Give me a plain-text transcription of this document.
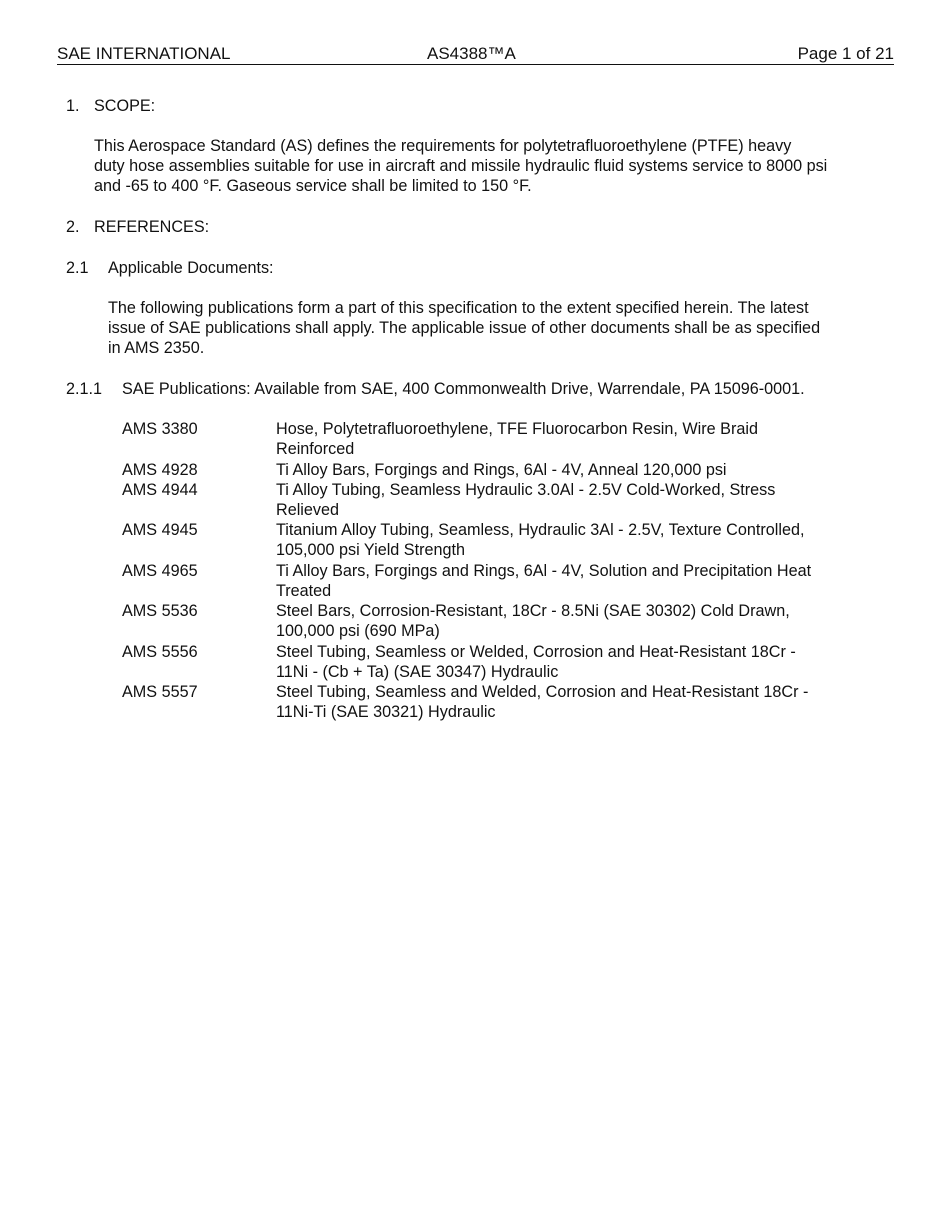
SAE INTERNATIONAL	AS4388™A	Page 1 of 21
1. SCOPE:
This Aerospace Standard (AS) defines the requirements for polytetrafluoroethylene (PTFE) heavy
duty hose assemblies suitable for use in aircraft and missile hydraulic fluid systems service to 8000 psi
and -65 to 400 °F. Gaseous service shall be limited to 150 °F.
2. REFERENCES:
2.1 Applicable Documents:
The following publications form a part of this specification to the extent specified herein. The latest
issue of SAE publications shall apply. The applicable issue of other documents shall be as specified
in AMS 2350.
2.1.1 SAE Publications: Available from SAE, 400 Commonwealth Drive, Warrendale, PA 15096-0001.
AMS 3380	Hose, Polytetrafluoroethylene, TFE Fluorocarbon Resin, Wire Braid
Reinforced
AMS 4928	Ti Alloy Bars, Forgings and Rings, 6Al - 4V, Anneal 120,000 psi
AMS 4944	Ti Alloy Tubing, Seamless Hydraulic 3.0Al - 2.5V Cold-Worked, Stress
Relieved
AMS 4945	Titanium Alloy Tubing, Seamless, Hydraulic 3Al - 2.5V, Texture Controlled,
105,000 psi Yield Strength
AMS 4965	Ti Alloy Bars, Forgings and Rings, 6Al - 4V, Solution and Precipitation Heat
Treated
AMS 5536	Steel Bars, Corrosion-Resistant, 18Cr - 8.5Ni (SAE 30302) Cold Drawn,
100,000 psi (690 MPa)
AMS 5556	Steel Tubing, Seamless or Welded, Corrosion and Heat-Resistant 18Cr -
11Ni - (Cb + Ta) (SAE 30347) Hydraulic
AMS 5557	Steel Tubing, Seamless and Welded, Corrosion and Heat-Resistant 18Cr -
11Ni-Ti (SAE 30321) Hydraulic
